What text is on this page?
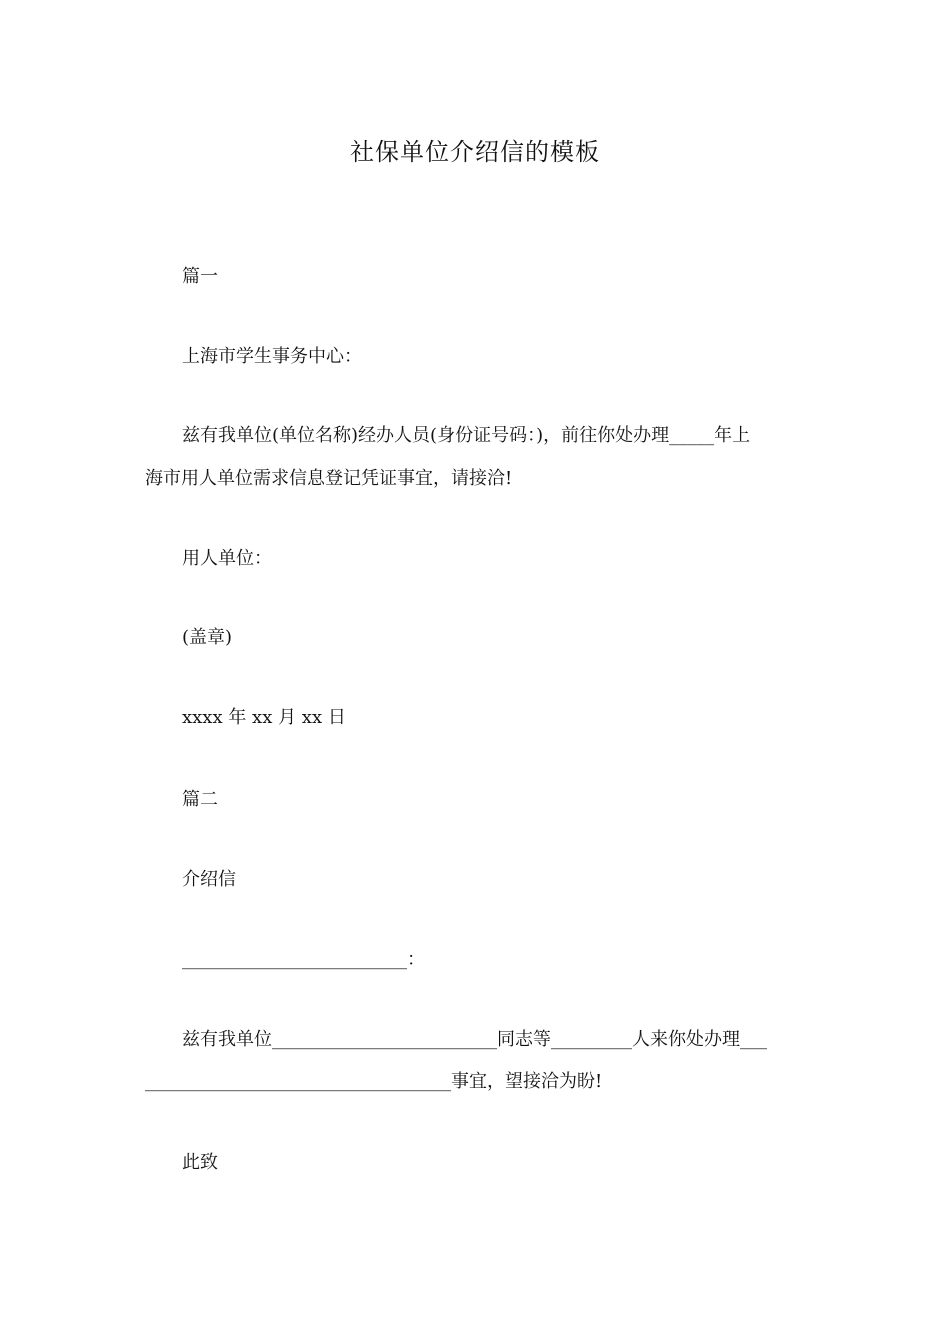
社保单位介绍信的模板
篇一
上海市学生事务中心：
兹有我单位(单位名称)经办人员(身份证号码：)，前往你处办理_____年上
海市用人单位需求信息登记凭证事宜，请接洽!
用人单位：
(盖章)
xxxx 年 xx 月 xx 日
篇二
介绍信
_________________________：
兹有我单位_________________________同志等_________人来你处办理___
__________________________________事宜，望接洽为盼!
此致
